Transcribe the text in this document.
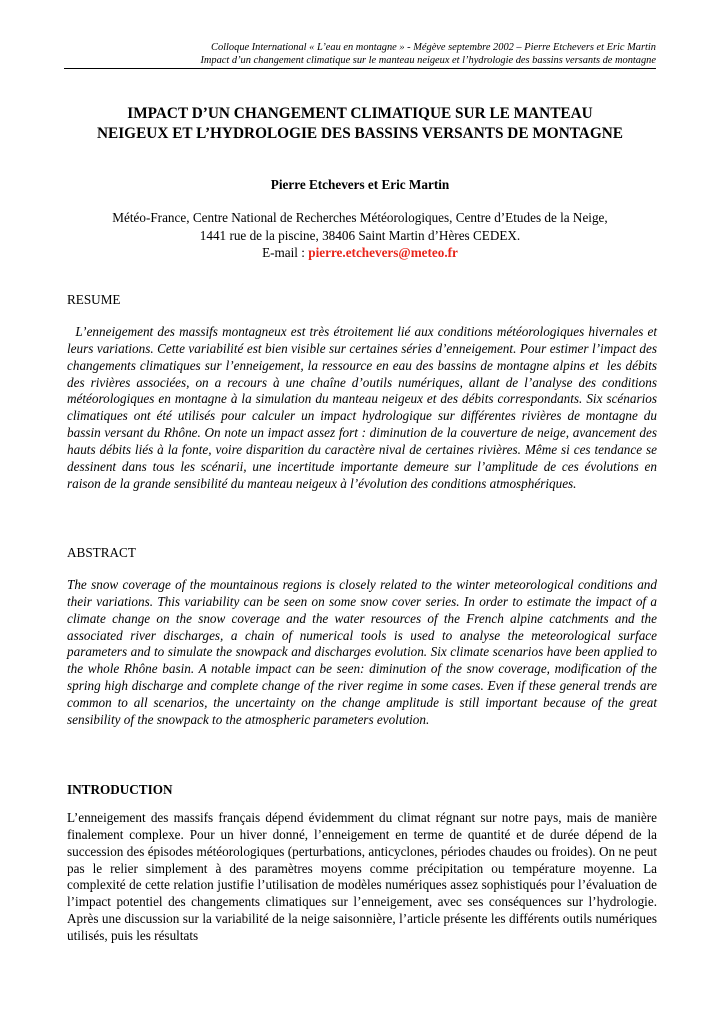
Colloque International « L’eau en montagne » - Mégève septembre 2002 – Pierre Etchevers et Eric Martin
Impact d’un changement climatique sur le manteau neigeux et l’hydrologie des bassins versants de montagne
IMPACT D’UN CHANGEMENT CLIMATIQUE SUR LE MANTEAU
NEIGEUX ET L’HYDROLOGIE DES BASSINS VERSANTS DE MONTAGNE
Pierre Etchevers et Eric Martin
Météo-France, Centre National de Recherches Météorologiques, Centre d’Etudes de la Neige,
1441 rue de la piscine, 38406 Saint Martin d’Hères CEDEX.
E-mail : pierre.etchevers@meteo.fr
RESUME

L’enneigement des massifs montagneux est très étroitement lié aux conditions météorologiques hivernales et leurs variations. Cette variabilité est bien visible sur certaines séries d’enneigement. Pour estimer l’impact des changements climatiques sur l’enneigement, la ressource en eau des bassins de montagne alpins et  les débits des rivières associées, on a recours à une chaîne d’outils numériques, allant de l’analyse des conditions météorologiques en montagne à la simulation du manteau neigeux et des débits correspondants. Six scénarios climatiques ont été utilisés pour calculer un impact hydrologique sur différentes rivières de montagne du bassin versant du Rhône. On note un impact assez fort : diminution de la couverture de neige, avancement des hauts débits liés à la fonte, voire disparition du caractère nival de certaines rivières. Même si ces tendance se dessinent dans tous les scénarii, une incertitude importante demeure sur l’amplitude de ces évolutions en raison de la grande sensibilité du manteau neigeux à l’évolution des conditions atmosphériques.

ABSTRACT

The snow coverage of the mountainous regions is closely related to the winter meteorological conditions and their variations. This variability can be seen on some snow cover series. In order to estimate the impact of a climate change on the snow coverage and the water resources of the French alpine catchments and the associated river discharges, a chain of numerical tools is used to analyse the meteorological surface parameters and to simulate the snowpack and discharges evolution. Six climate scenarios have been applied to the whole Rhône basin. A notable impact can be seen: diminution of the snow coverage, modification of the spring high discharge and complete change of the river regime in some cases. Even if these general trends are common to all scenarios, the uncertainty on the change amplitude is still important because of the great sensibility of the snowpack to the atmospheric parameters evolution.

INTRODUCTION

L’enneigement des massifs français dépend évidemment du climat régnant sur notre pays, mais de manière finalement complexe. Pour un hiver donné, l’enneigement en terme de quantité et de durée dépend de la succession des épisodes météorologiques (perturbations, anticyclones, périodes chaudes ou froides). On ne peut pas le relier simplement à des paramètres moyens comme précipitation ou température moyenne. La complexité de cette relation justifie l’utilisation de modèles numériques assez sophistiqués pour l’évaluation de l’impact potentiel des changements climatiques sur l’enneigement, avec ses conséquences sur l’hydrologie. Après une discussion sur la variabilité de la neige saisonnière, l’article présente les différents outils numériques utilisés, puis les résultats
